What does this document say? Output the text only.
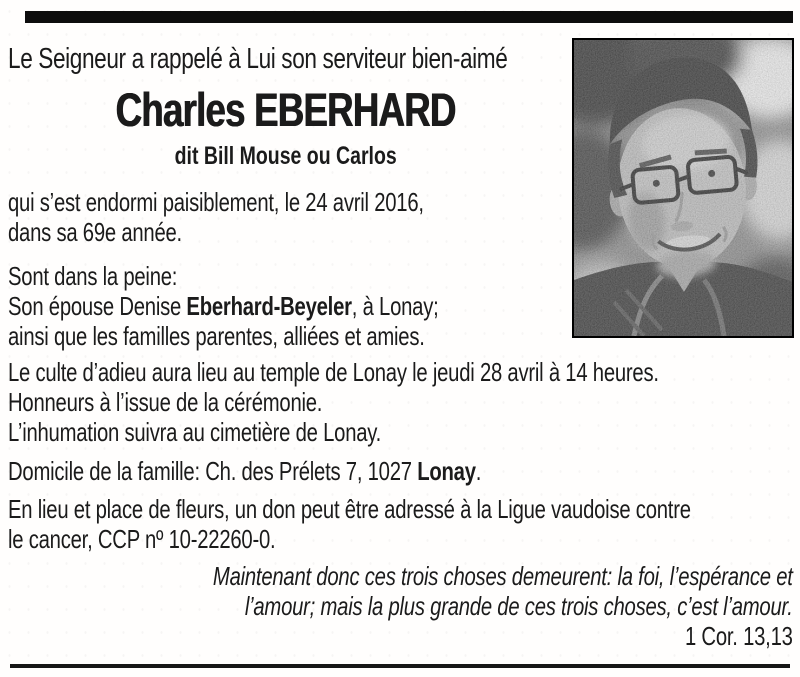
Le Seigneur a rappelé à Lui son serviteur bien-aimé
Charles EBERHARD
dit Bill Mouse ou Carlos
qui s’est endormi paisiblement, le 24 avril 2016,
dans sa 69e année.
Sont dans la peine:
Son épouse Denise Eberhard-Beyeler, à Lonay;
ainsi que les familles parentes, alliées et amies.
Le culte d’adieu aura lieu au temple de Lonay le jeudi 28 avril à 14 heures.
Honneurs à l’issue de la cérémonie.
L’inhumation suivra au cimetière de Lonay.
Domicile de la famille: Ch. des Prélets 7, 1027 Lonay.
En lieu et place de fleurs, un don peut être adressé à la Ligue vaudoise contre
le cancer, CCP nº 10-22260-0.
Maintenant donc ces trois choses demeurent: la foi, l’espérance et
l’amour; mais la plus grande de ces trois choses, c’est l’amour.
1 Cor. 13,13
